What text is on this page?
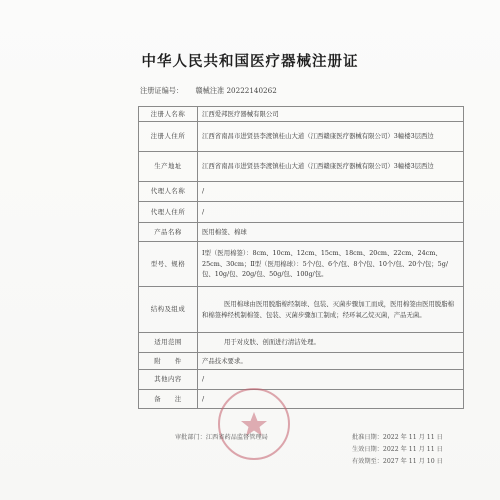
中华人民共和国医疗器械注册证
注册证编号： 赣械注准 20222140262
注册人名称	江西爱邦医疗器械有限公司
注册人住所	江西省南昌市进贤县李渡镇桂山大道（江西赣康医疗器械有限公司）3幢楼3层西边
生产地址	江西省南昌市进贤县李渡镇桂山大道（江西赣康医疗器械有限公司）3幢楼3层西边
代理人名称	/
代理人住所	/
产品名称	医用棉签、棉球
型号、规格	Ⅰ型（医用棉签）：8cm、10cm、12cm、15cm、18cm、20cm、22cm、24cm、25cm、30cm；Ⅱ型（医用棉球）：5个/包、6个/包、8个/包、10个/包、20个/包；5g/包、10g/包、20g/包、50g/包、100g/包。
结构及组成	医用棉球由医用脱脂棉经制球、包装、灭菌步骤加工而成，医用棉签由医用脱脂棉和棉签棒经机制棉签、包装、灭菌步骤加工制成；经环氧乙烷灭菌，产品无菌。
适用范围	用于对皮肤、创面进行清洁处理。
附　　件	产品技术要求。
其他内容	/
备　　注	/
审批部门：江西省药品监督管理局	批准日期：2022 年 11 月 11 日
生效日期：2022 年 11 月 11 日
有效期至：2027 年 11 月 10 日
